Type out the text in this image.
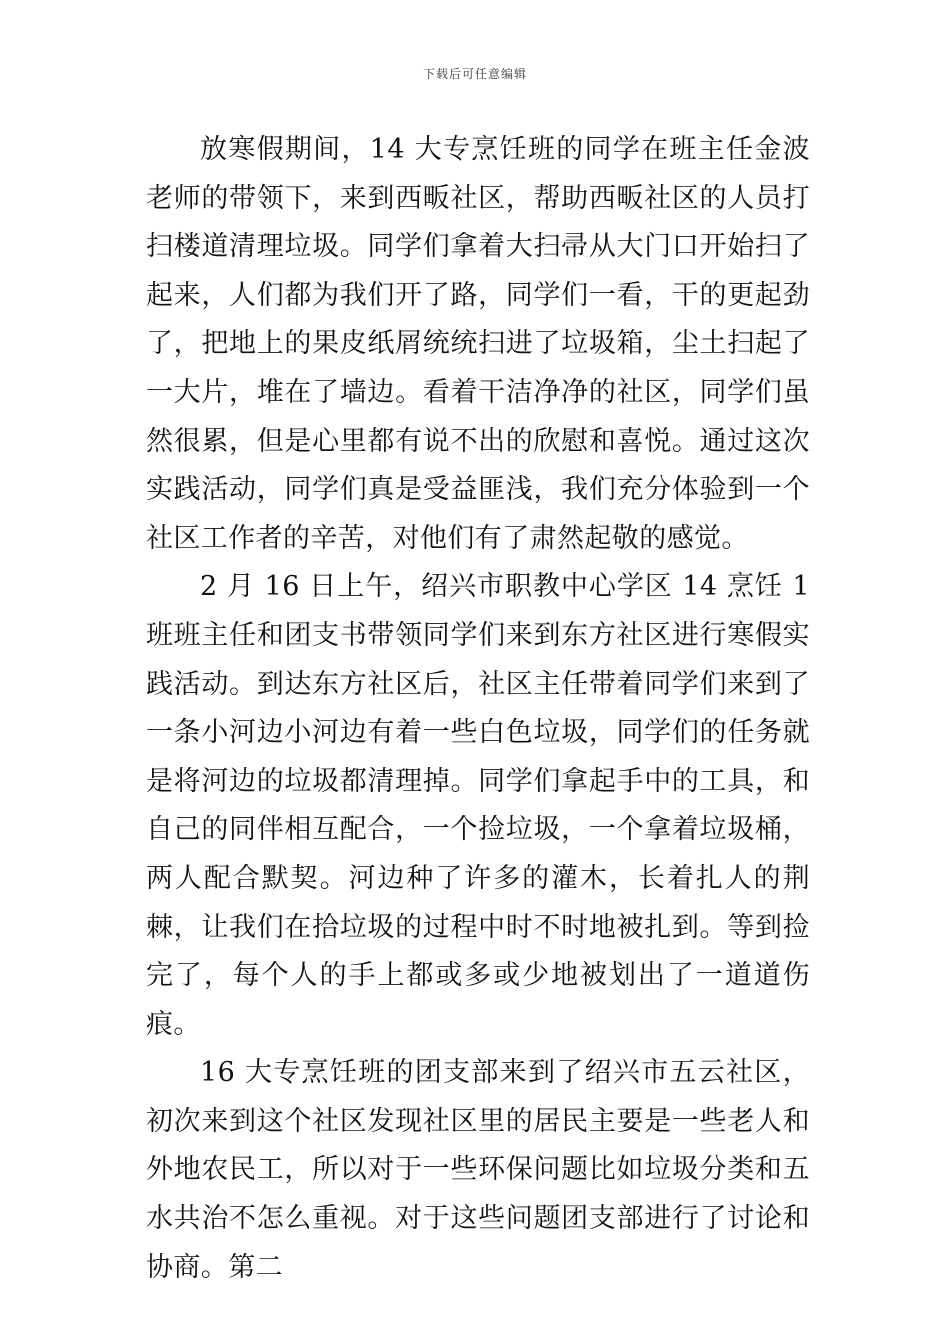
下载后可任意编辑

放寒假期间，14 大专烹饪班的同学在班主任金波老师的带领下，来到西畈社区，帮助西畈社区的人员打扫楼道清理垃圾。同学们拿着大扫帚从大门口开始扫了起来，人们都为我们开了路，同学们一看，干的更起劲了，把地上的果皮纸屑统统扫进了垃圾箱，尘土扫起了一大片，堆在了墙边。看着干洁净净的社区，同学们虽然很累，但是心里都有说不出的欣慰和喜悦。通过这次实践活动，同学们真是受益匪浅，我们充分体验到一个社区工作者的辛苦，对他们有了肃然起敬的感觉。

2 月 16 日上午，绍兴市职教中心学区 14 烹饪 1 班班主任和团支书带领同学们来到东方社区进行寒假实践活动。到达东方社区后，社区主任带着同学们来到了一条小河边小河边有着一些白色垃圾，同学们的任务就是将河边的垃圾都清理掉。同学们拿起手中的工具，和自己的同伴相互配合，一个捡垃圾，一个拿着垃圾桶，两人配合默契。河边种了许多的灌木，长着扎人的荆棘，让我们在拾垃圾的过程中时不时地被扎到。等到捡完了，每个人的手上都或多或少地被划出了一道道伤痕。

16 大专烹饪班的团支部来到了绍兴市五云社区，初次来到这个社区发现社区里的居民主要是一些老人和外地农民工，所以对于一些环保问题比如垃圾分类和五水共治不怎么重视。对于这些问题团支部进行了讨论和协商。第二
